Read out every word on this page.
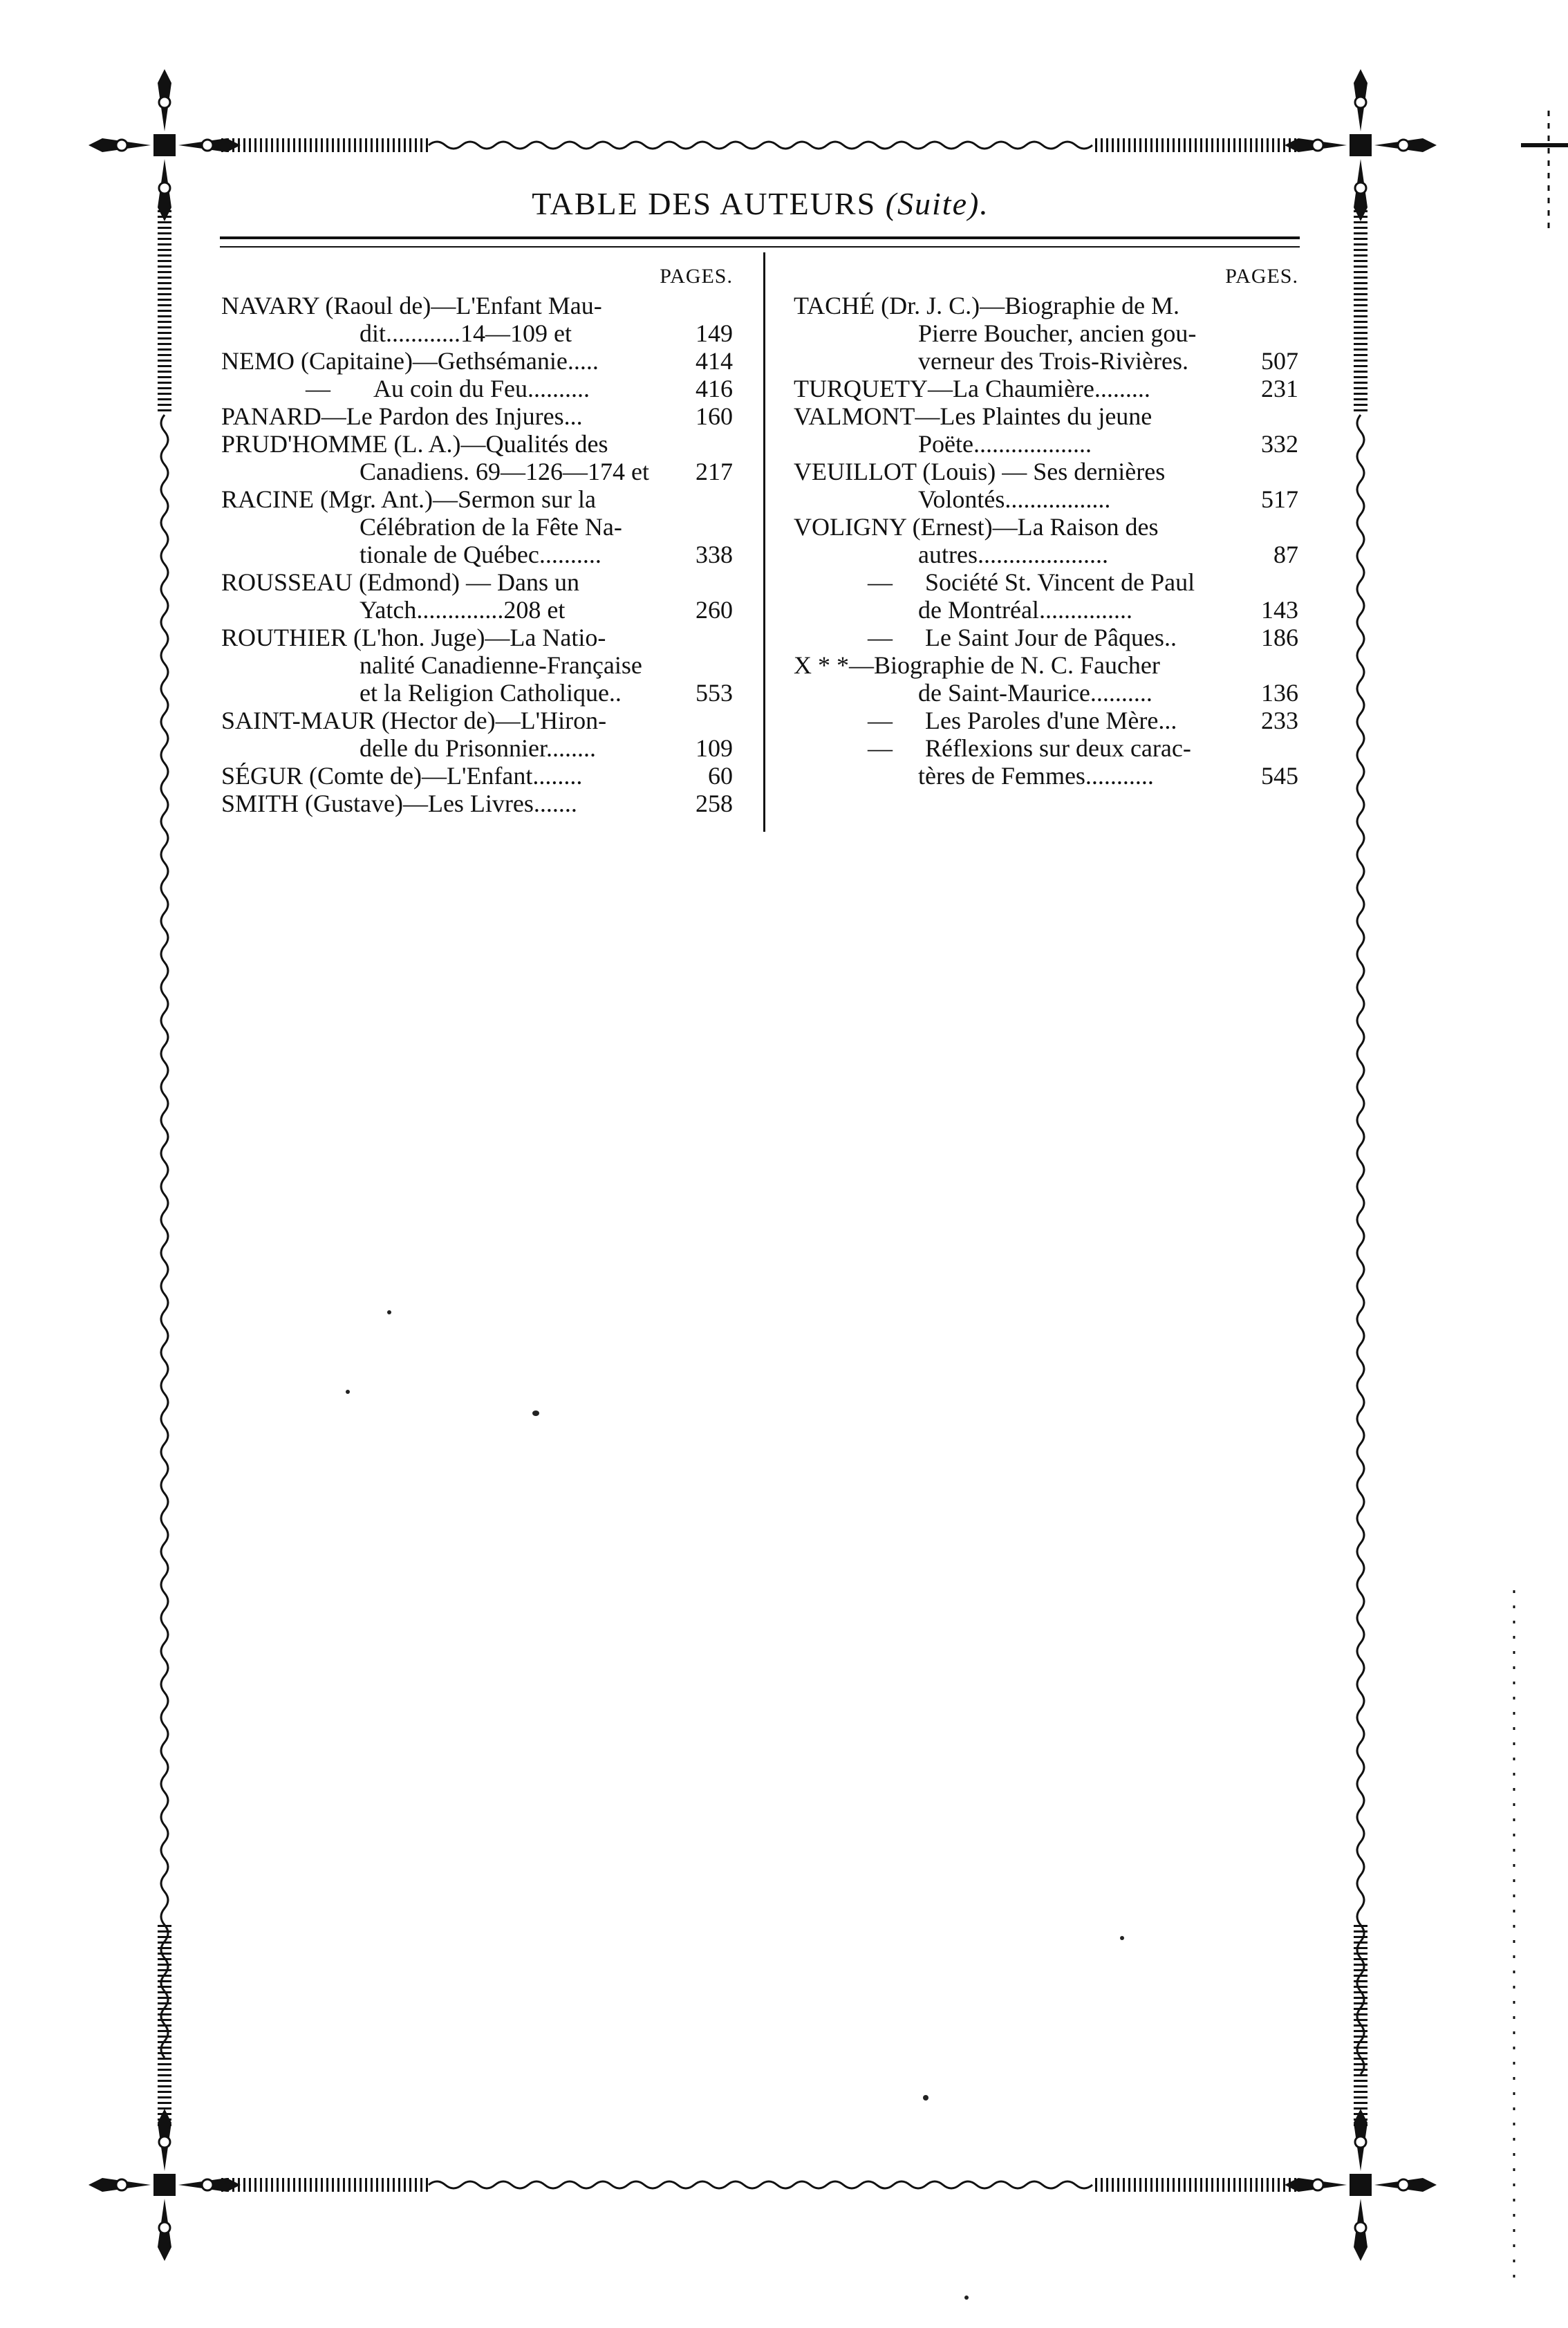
TABLE DES AUTEURS (Suite).
PAGES.
NAVARY (Raoul de)—L'Enfant Mau-
dit............14—109 et	149
NEMO (Capitaine)—Gethsémanie.....	414
— Au coin du Feu..........	416
PANARD—Le Pardon des Injures...	160
PRUD'HOMME (L. A.)—Qualités des
Canadiens. 69—126—174 et 217
RACINE (Mgr. Ant.)—Sermon sur la
Célébration de la Fête Na-
tionale de Québec..........	338
ROUSSEAU (Edmond) — Dans un
Yatch..............208 et	260
ROUTHIER (L'hon. Juge)—La Natio-
nalité Canadienne-Française
et la Religion Catholique..	553
SAINT-MAUR (Hector de)—L'Hiron-
delle du Prisonnier........	109
SÉGUR (Comte de)—L'Enfant........	60
SMITH (Gustave)—Les Livres.......	258
PAGES.
TACHÉ (Dr. J. C.)—Biographie de M.
Pierre Boucher, ancien gou-
verneur des Trois-Rivières.	507
TURQUETY—La Chaumière.........	231
VALMONT—Les Plaintes du jeune
Poëte...................	332
VEUILLOT (Louis) — Ses dernières
Volontés.................	517
VOLIGNY (Ernest)—La Raison des
autres.....................	87
— Société St. Vincent de Paul
de Montréal...............	143
— Le Saint Jour de Pâques..	186
X * *—Biographie de N. C. Faucher
de Saint-Maurice..........	136
— Les Paroles d'une Mère...	233
— Réflexions sur deux carac-
tères de Femmes...........	545
